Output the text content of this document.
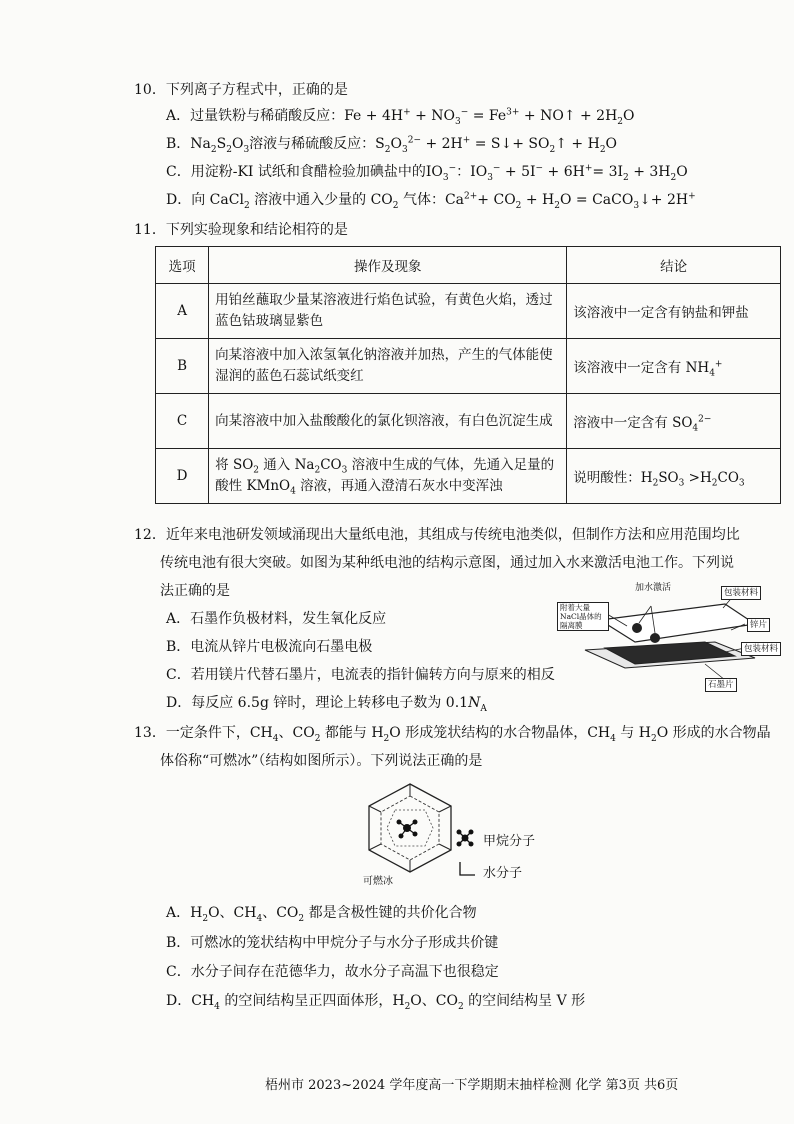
10．下列离子方程式中，正确的是
A．过量铁粉与稀硝酸反应：$Fe + 4H^+ + NO_3^- = Fe^{3+}$ + NO↑ + $2H_2O$
B．$Na_2S_2O_3$溶液与稀硫酸反应：$S_2O_3^{2-} + 2H^+$ = S↓+ $SO_2↑ + H_2O$
C．用淀粉-KI 试纸和食醋检验加碘盐中的$IO_3^-$：$IO_3^- + 5I^- + 6H^+= 3I_2 + 3H_2O$
D．向 CaCl$_2$ 溶液中通入少量的 $CO_2$ 气体：$Ca^{2+}+ CO_2 + H_2O$ = CaCO$_3$↓+ 2H+
11．下列实验现象和结论相符的是
选项	操作及现象	结论
A	用铂丝蘸取少量某溶液进行焰色试验，有黄色火焰，透过蓝色钴玻璃显紫色	该溶液中一定含有钠盐和钾盐
B	向某溶液中加入浓氢氧化钠溶液并加热，产生的气体能使湿润的蓝色石蕊试纸变红	该溶液中一定含有 $NH_4^+$
C	向某溶液中加入盐酸酸化的氯化钡溶液，有白色沉淀生成	溶液中一定含有 $SO_4^{2-}$
D	将 $SO_2$ 通入 $Na_2CO_3$ 溶液中生成的气体，先通入足量的酸性 KMnO$_4$ 溶液，再通入澄清石灰水中变浑浊	说明酸性：$H_2SO_3 >H_2CO_3$
12．近年来电池研发领域涌现出大量纸电池，其组成与传统电池类似，但制作方法和应用范围均比
传统电池有很大突破。如图为某种纸电池的结构示意图，通过加入水来激活电池工作。下列说
法正确的是
A．石墨作负极材料，发生氧化反应
B．电流从锌片电极流向石墨电极
C．若用镁片代替石墨片，电流表的指针偏转方向与原来的相反
D．每反应 6.5g 锌时，理论上转移电子数为 $0.1N_A$
加水激活	包装材料
附着大量NaCl晶体的隔离膜	锌片
包装材料
石墨片
13．一定条件下，$CH_4$、$CO_2$ 都能与 $H_2O$ 形成笼状结构的水合物晶体，$CH_4$ 与 $H_2O$ 形成的水合物晶
体俗称“可燃冰”（结构如图所示）。下列说法正确的是
可燃冰
甲烷分子
水分子
A．$H_2O$、$CH_4$、$CO_2$ 都是含极性键的共价化合物
B．可燃冰的笼状结构中甲烷分子与水分子形成共价键
C．水分子间存在范德华力，故水分子高温下也很稳定
D．$CH_4$ 的空间结构呈正四面体形，$H_2O$、$CO_2$ 的空间结构呈 V 形
梧州市 2023~2024 学年度高一下学期期末抽样检测 化学 第3页 共6页
